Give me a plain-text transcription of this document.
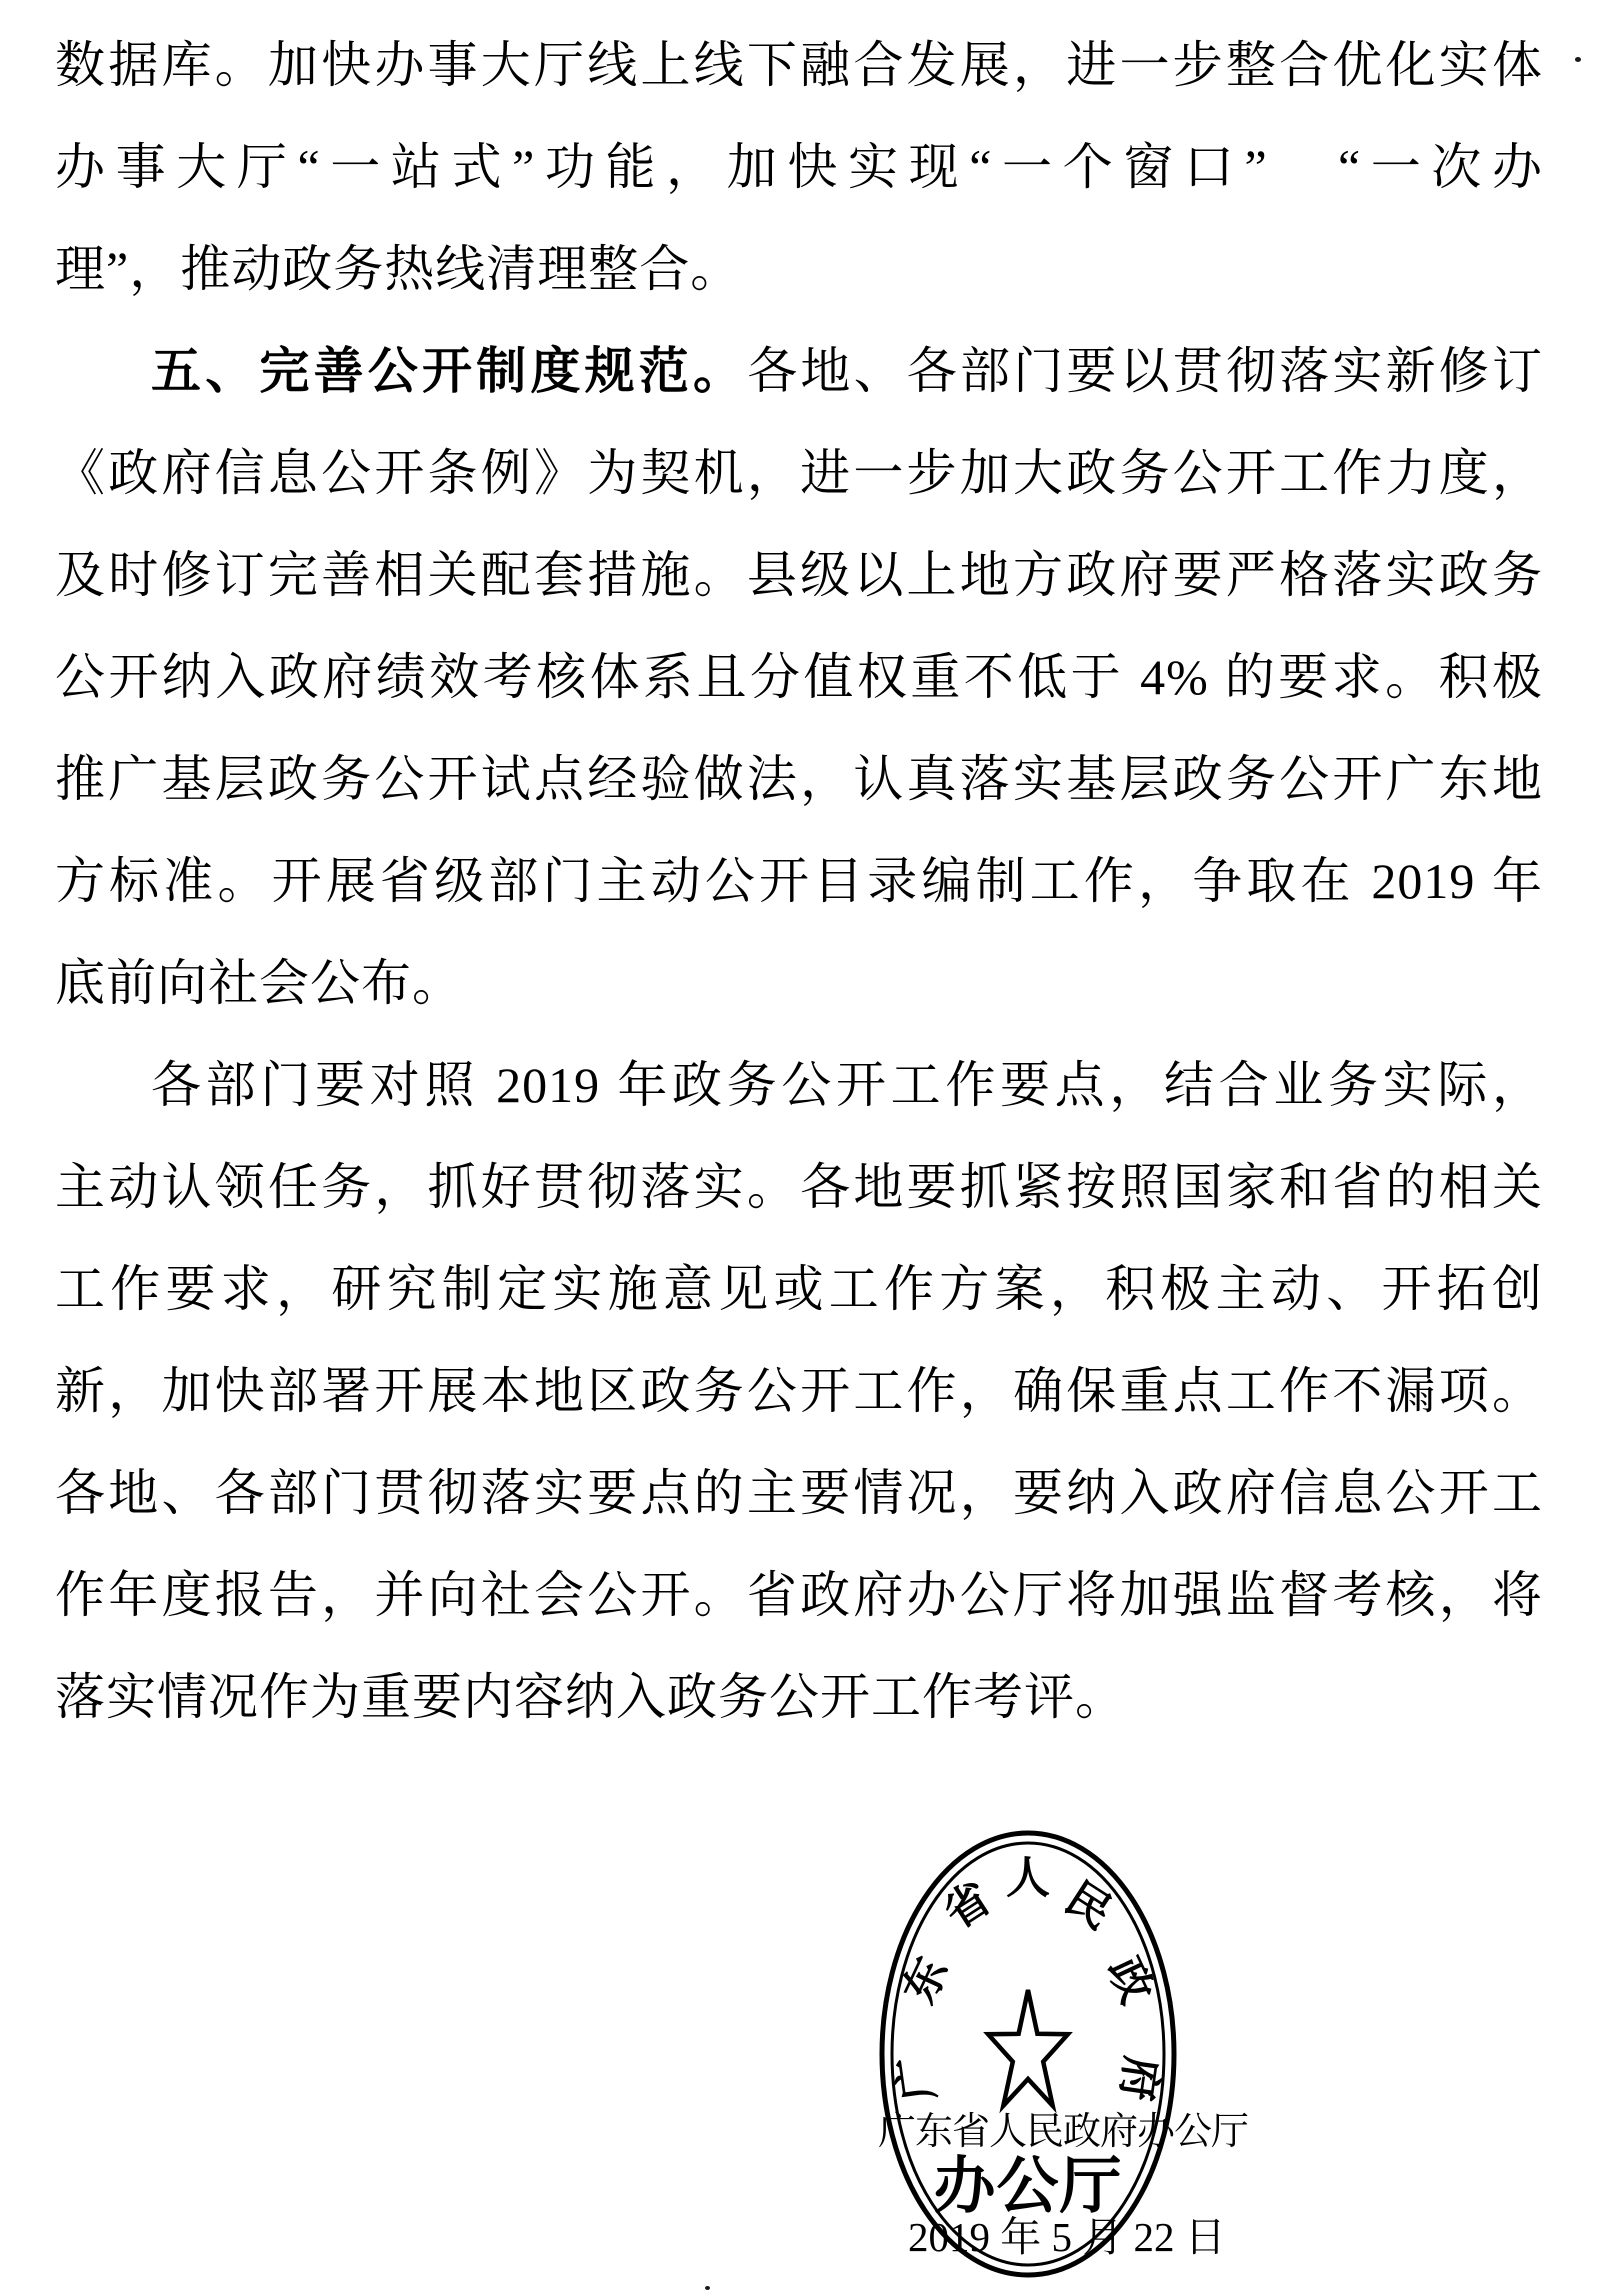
数据库。加快办事大厅线上线下融合发展，进一步整合优化实体
办事大厅“一站式”功能，加快实现“一个窗口”　“一次办
理”，推动政务热线清理整合。
五、完善公开制度规范。各地、各部门要以贯彻落实新修订
《政府信息公开条例》为契机，进一步加大政务公开工作力度，
及时修订完善相关配套措施。县级以上地方政府要严格落实政务
公开纳入政府绩效考核体系且分值权重不低于 4% 的要求。积极
推广基层政务公开试点经验做法，认真落实基层政务公开广东地
方标准。开展省级部门主动公开目录编制工作，争取在 2019 年
底前向社会公布。
各部门要对照 2019 年政务公开工作要点，结合业务实际，
主动认领任务，抓好贯彻落实。各地要抓紧按照国家和省的相关
工作要求，研究制定实施意见或工作方案，积极主动、开拓创
新，加快部署开展本地区政务公开工作，确保重点工作不漏项。
各地、各部门贯彻落实要点的主要情况，要纳入政府信息公开工
作年度报告，并向社会公开。省政府办公厅将加强监督考核，将
落实情况作为重要内容纳入政务公开工作考评。
广东省人民政府办公厅
2019 年 5 月 22 日
广
东
省 人 民
政
府
办公厅
